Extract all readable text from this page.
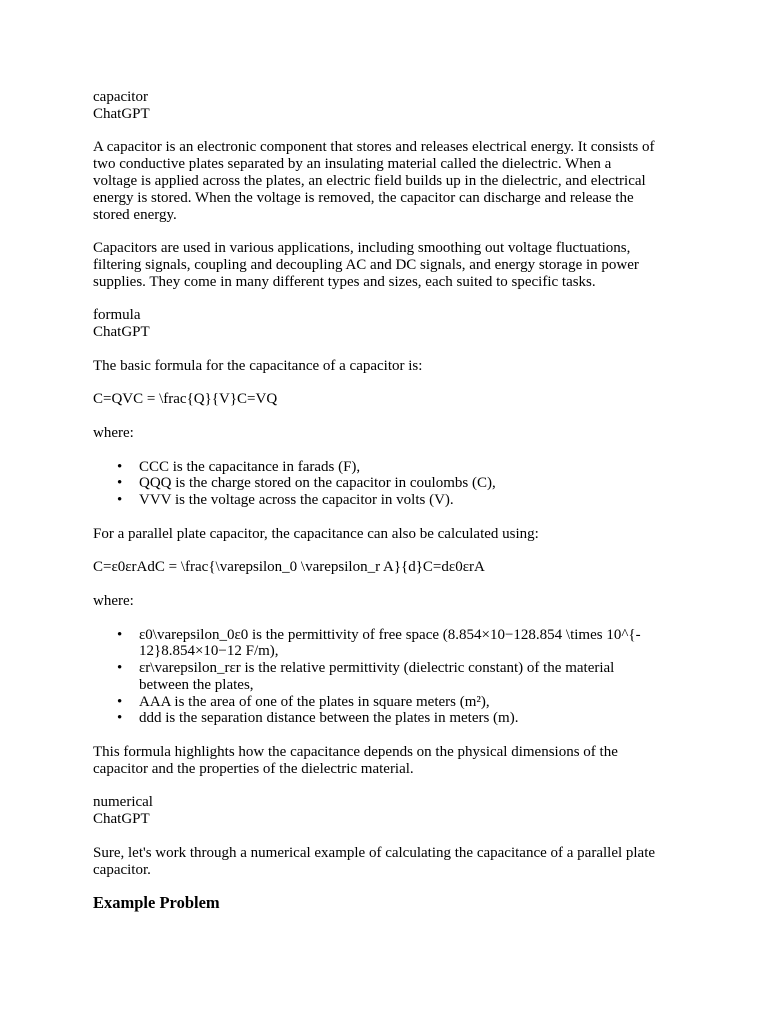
capacitor
ChatGPT
A capacitor is an electronic component that stores and releases electrical energy. It consists of
two conductive plates separated by an insulating material called the dielectric. When a
voltage is applied across the plates, an electric field builds up in the dielectric, and electrical
energy is stored. When the voltage is removed, the capacitor can discharge and release the
stored energy.
Capacitors are used in various applications, including smoothing out voltage fluctuations,
filtering signals, coupling and decoupling AC and DC signals, and energy storage in power
supplies. They come in many different types and sizes, each suited to specific tasks.
formula
ChatGPT
The basic formula for the capacitance of a capacitor is:
C=QVC = \frac{Q}{V}C=VQ
where:
• CCC is the capacitance in farads (F),
• QQQ is the charge stored on the capacitor in coulombs (C),
• VVV is the voltage across the capacitor in volts (V).
For a parallel plate capacitor, the capacitance can also be calculated using:
C=ε0εrAdC = \frac{\varepsilon_0 \varepsilon_r A}{d}C=dε0εrA
where:
• ε0\varepsilon_0ε0 is the permittivity of free space (8.854×10−128.854 \times 10^{-
12}8.854×10−12 F/m),
• εr\varepsilon_rεr is the relative permittivity (dielectric constant) of the material
between the plates,
• AAA is the area of one of the plates in square meters (m²),
• ddd is the separation distance between the plates in meters (m).
This formula highlights how the capacitance depends on the physical dimensions of the
capacitor and the properties of the dielectric material.
numerical
ChatGPT
Sure, let's work through a numerical example of calculating the capacitance of a parallel plate
capacitor.
Example Problem
